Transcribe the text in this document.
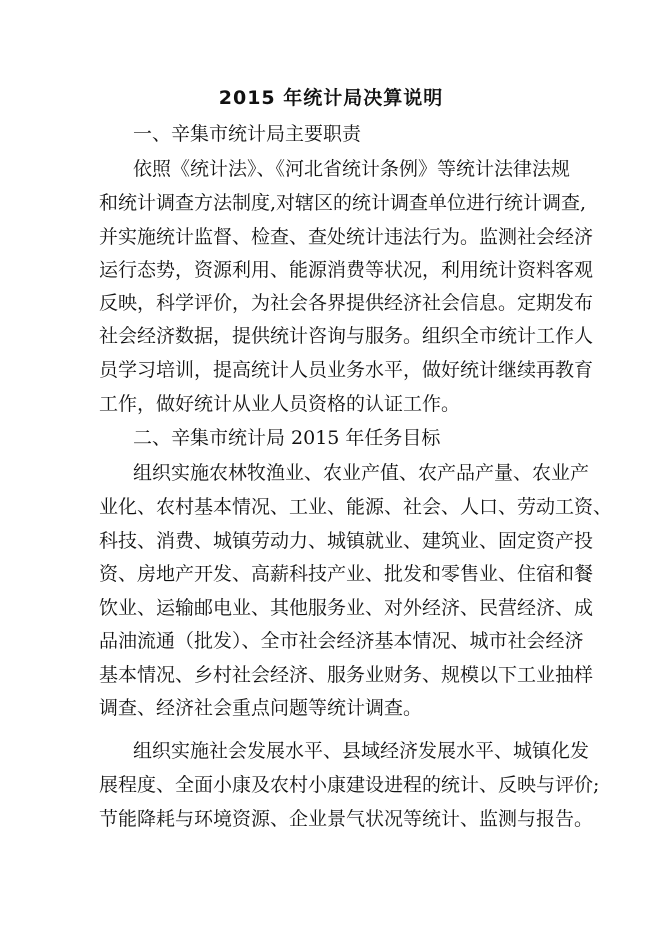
2015 年统计局决算说明

一、辛集市统计局主要职责

依照《统计法》、《河北省统计条例》等统计法律法规

和统计调查方法制度,对辖区的统计调查单位进行统计调查,

并实施统计监督、检查、查处统计违法行为。监测社会经济

运行态势，资源利用、能源消费等状况，利用统计资料客观

反映，科学评价，为社会各界提供经济社会信息。定期发布

社会经济数据，提供统计咨询与服务。组织全市统计工作人

员学习培训，提高统计人员业务水平，做好统计继续再教育

工作，做好统计从业人员资格的认证工作。

二、辛集市统计局 2015 年任务目标

组织实施农林牧渔业、农业产值、农产品产量、农业产

业化、农村基本情况、工业、能源、社会、人口、劳动工资、

科技、消费、城镇劳动力、城镇就业、建筑业、固定资产投

资、房地产开发、高薪科技产业、批发和零售业、住宿和餐

饮业、运输邮电业、其他服务业、对外经济、民营经济、成

品油流通（批发）、全市社会经济基本情况、城市社会经济

基本情况、乡村社会经济、服务业财务、规模以下工业抽样

调查、经济社会重点问题等统计调查。

组织实施社会发展水平、县域经济发展水平、城镇化发

展程度、全面小康及农村小康建设进程的统计、反映与评价;

节能降耗与环境资源、企业景气状况等统计、监测与报告。
